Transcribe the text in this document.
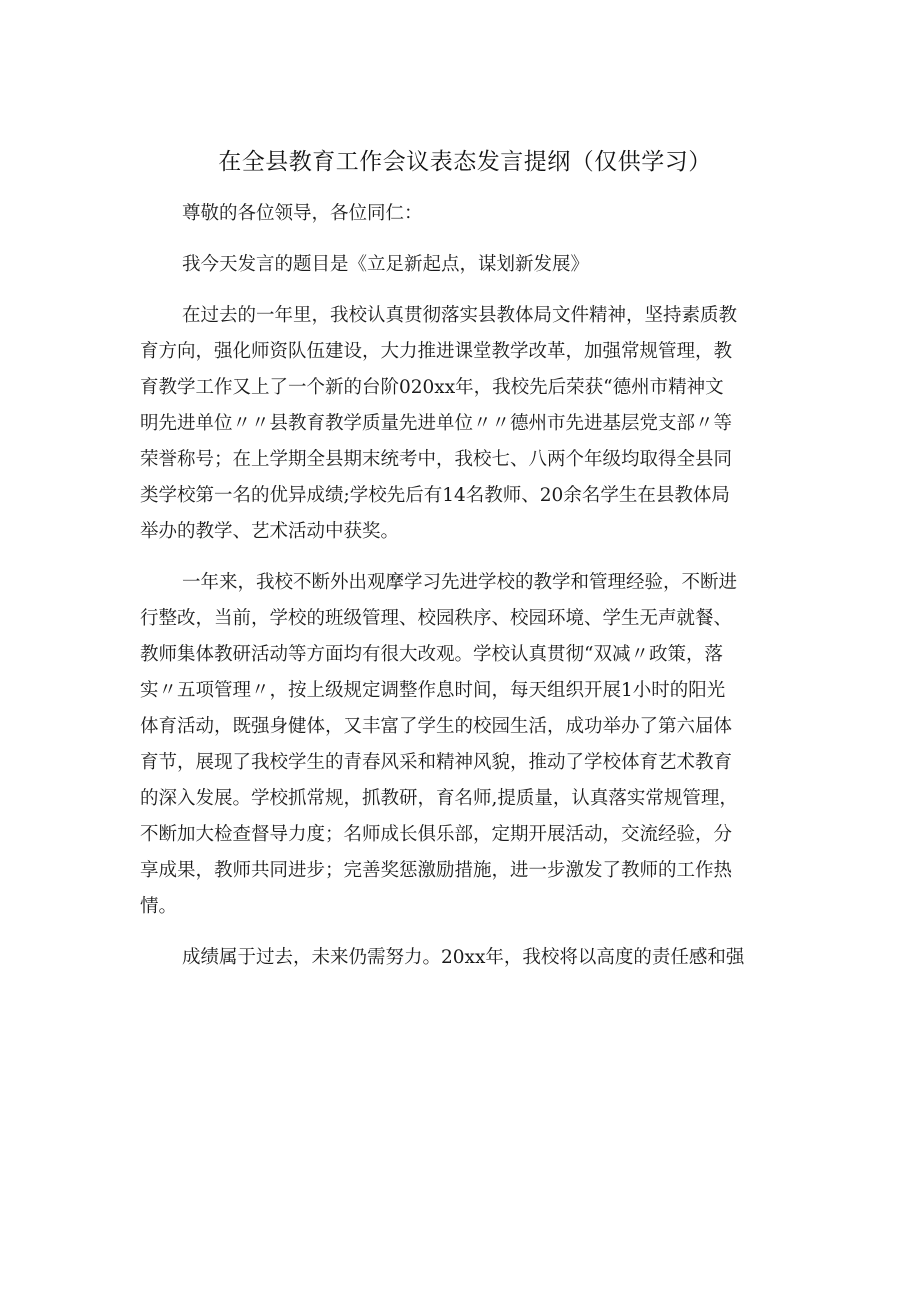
在全县教育工作会议表态发言提纲（仅供学习）

尊敬的各位领导，各位同仁：

我今天发言的题目是《立足新起点，谋划新发展》

在过去的一年里，我校认真贯彻落实县教体局文件精神，坚持素质教
育方向，强化师资队伍建设，大力推进课堂教学改革，加强常规管理，教
育教学工作又上了一个新的台阶020xx年，我校先后荣获“德州市精神文
明先进单位〃〃县教育教学质量先进单位〃〃德州市先进基层党支部〃等
荣誉称号；在上学期全县期末统考中，我校七、八两个年级均取得全县同
类学校第一名的优异成绩;学校先后有14名教师、20余名学生在县教体局
举办的教学、艺术活动中获奖。

一年来，我校不断外出观摩学习先进学校的教学和管理经验，不断进
行整改，当前，学校的班级管理、校园秩序、校园环境、学生无声就餐、
教师集体教研活动等方面均有很大改观。学校认真贯彻“双减〃政策，落
实〃五项管理〃，按上级规定调整作息时间，每天组织开展1小时的阳光
体育活动，既强身健体，又丰富了学生的校园生活，成功举办了第六届体
育节，展现了我校学生的青春风采和精神风貌，推动了学校体育艺术教育
的深入发展。学校抓常规，抓教研，育名师,提质量，认真落实常规管理，
不断加大检查督导力度；名师成长俱乐部，定期开展活动，交流经验，分
享成果，教师共同进步；完善奖惩激励措施，进一步激发了教师的工作热
情。

成绩属于过去，未来仍需努力。20xx年，我校将以高度的责任感和强
